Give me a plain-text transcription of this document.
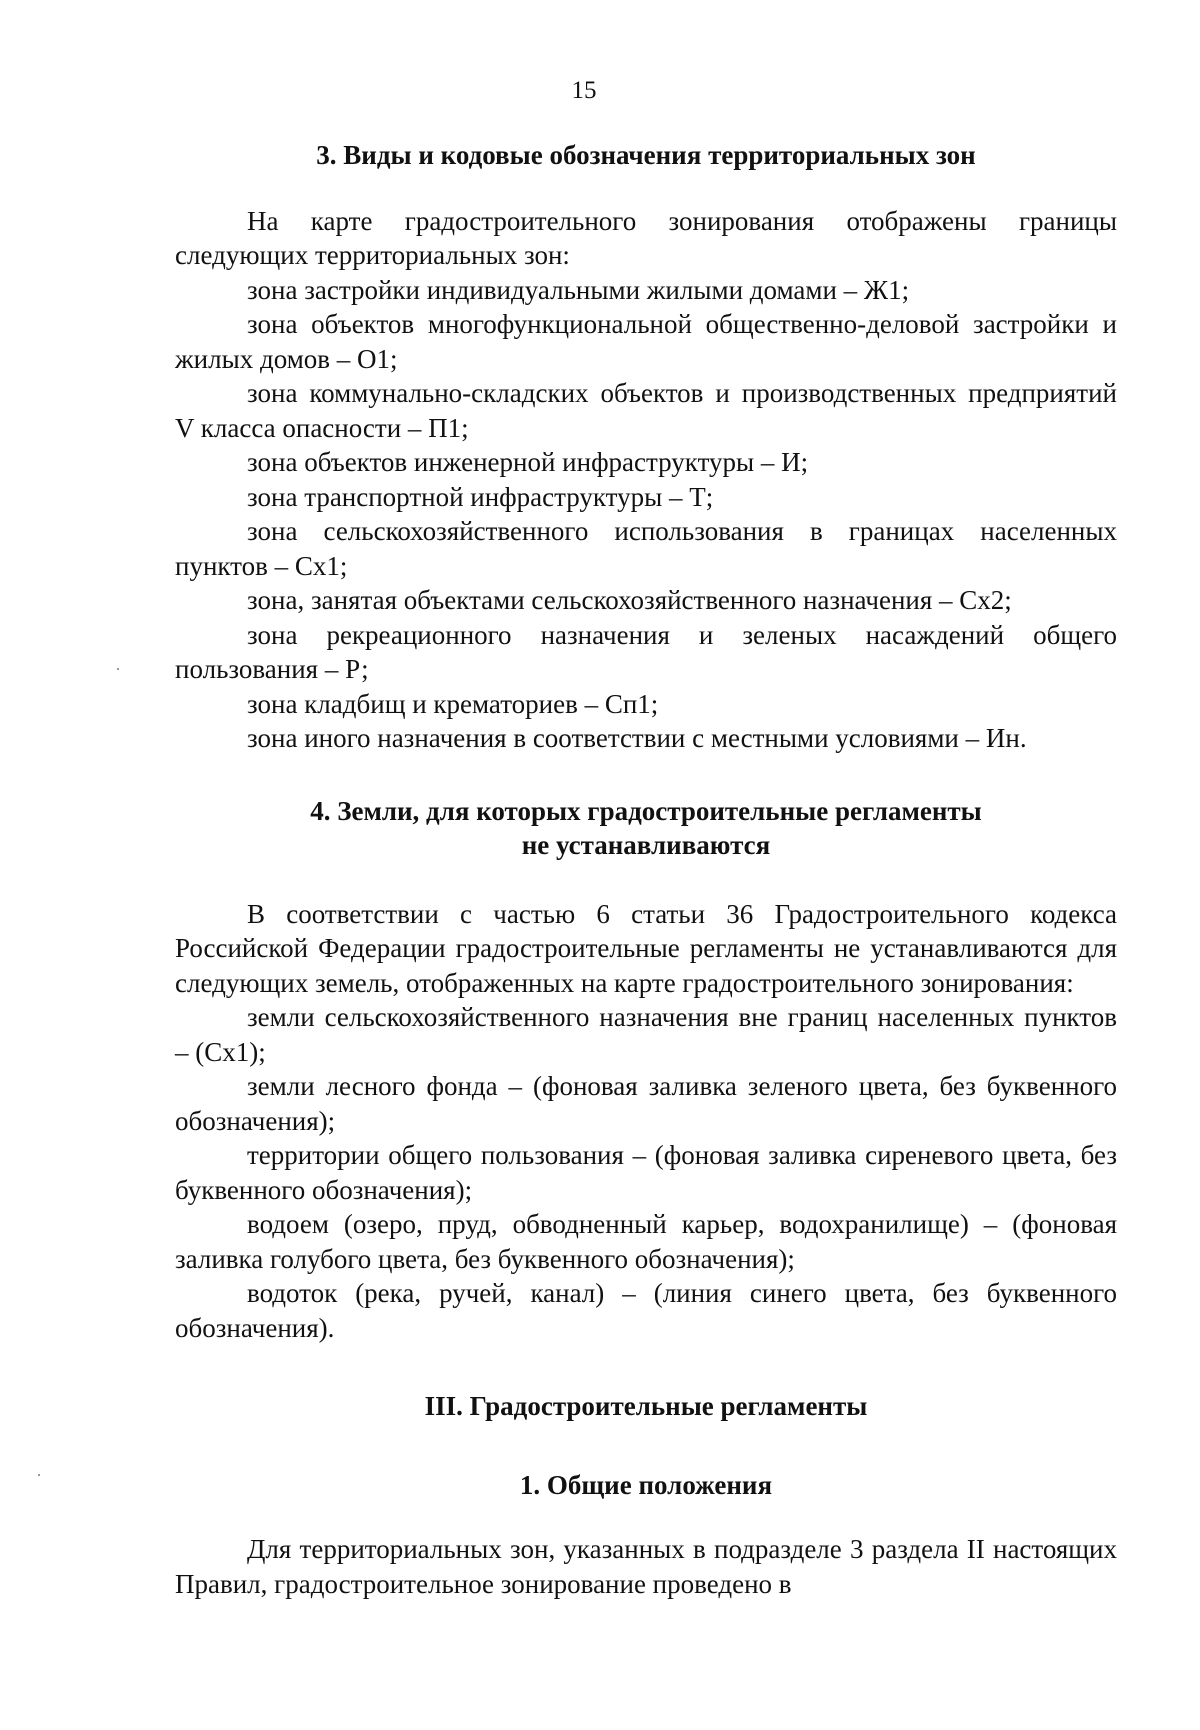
15
3. Виды и кодовые обозначения территориальных зон

На карте градостроительного зонирования отображены границы следующих территориальных зон:

зона застройки индивидуальными жилыми домами – Ж1;

зона объектов многофункциональной общественно-деловой застройки и жилых домов – О1;

зона коммунально-складских объектов и производственных предприятий V класса опасности – П1;

зона объектов инженерной инфраструктуры – И;

зона транспортной инфраструктуры – Т;

зона сельскохозяйственного использования в границах населенных пунктов – Сх1;

зона, занятая объектами сельскохозяйственного назначения – Сх2;

зона рекреационного назначения и зеленых насаждений общего пользования – Р;

зона кладбищ и крематориев – Сп1;

зона иного назначения в соответствии с местными условиями – Ин.

4. Земли, для которых градостроительные регламенты
не устанавливаются

В соответствии с частью 6 статьи 36 Градостроительного кодекса Российской Федерации градостроительные регламенты не устанавливаются для следующих земель, отображенных на карте градостроительного зонирования:

земли сельскохозяйственного назначения вне границ населенных пунктов – (Сх1);

земли лесного фонда – (фоновая заливка зеленого цвета, без буквенного обозначения);

территории общего пользования – (фоновая заливка сиреневого цвета, без буквенного обозначения);

водоем (озеро, пруд, обводненный карьер, водохранилище) – (фоновая заливка голубого цвета, без буквенного обозначения);

водоток (река, ручей, канал) – (линия синего цвета, без буквенного обозначения).

III. Градостроительные регламенты
1. Общие положения

Для территориальных зон, указанных в подразделе 3 раздела II настоящих Правил, градостроительное зонирование проведено в
